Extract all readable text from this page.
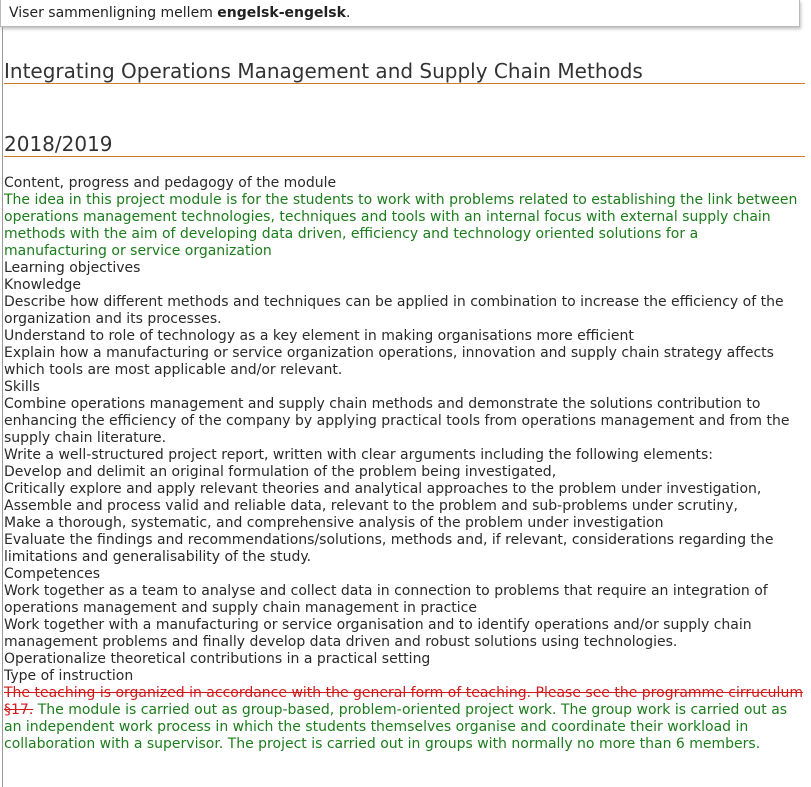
Viser sammenligning mellem engelsk-engelsk.
Integrating Operations Management and Supply Chain Methods
2018/2019
Content, progress and pedagogy of the module
The idea in this project module is for the students to work with problems related to establishing the link between operations management technologies, techniques and tools with an internal focus with external supply chain methods with the aim of developing data driven, efficiency and technology oriented solutions for a manufacturing or service organization
Learning objectives
Knowledge
Describe how different methods and techniques can be applied in combination to increase the efficiency of the organization and its processes.
Understand to role of technology as a key element in making organisations more efficient
Explain how a manufacturing or service organization operations, innovation and supply chain strategy affects which tools are most applicable and/or relevant.
Skills
Combine operations management and supply chain methods and demonstrate the solutions contribution to enhancing the efficiency of the company by applying practical tools from operations management and from the supply chain literature.
Write a well-structured project report, written with clear arguments including the following elements:
Develop and delimit an original formulation of the problem being investigated,
Critically explore and apply relevant theories and analytical approaches to the problem under investigation,
Assemble and process valid and reliable data, relevant to the problem and sub-problems under scrutiny,
Make a thorough, systematic, and comprehensive analysis of the problem under investigation
Evaluate the findings and recommendations/solutions, methods and, if relevant, considerations regarding the limitations and generalisability of the study.
Competences
Work together as a team to analyse and collect data in connection to problems that require an integration of operations management and supply chain management in practice
Work together with a manufacturing or service organisation and to identify operations and/or supply chain management problems and finally develop data driven and robust solutions using technologies.
Operationalize theoretical contributions in a practical setting
Type of instruction
The teaching is organized in accordance with the general form of teaching. Please see the programme cirruculum §17. The module is carried out as group-based, problem-oriented project work. The group work is carried out as an independent work process in which the students themselves organise and coordinate their workload in collaboration with a supervisor. The project is carried out in groups with normally no more than 6 members.
